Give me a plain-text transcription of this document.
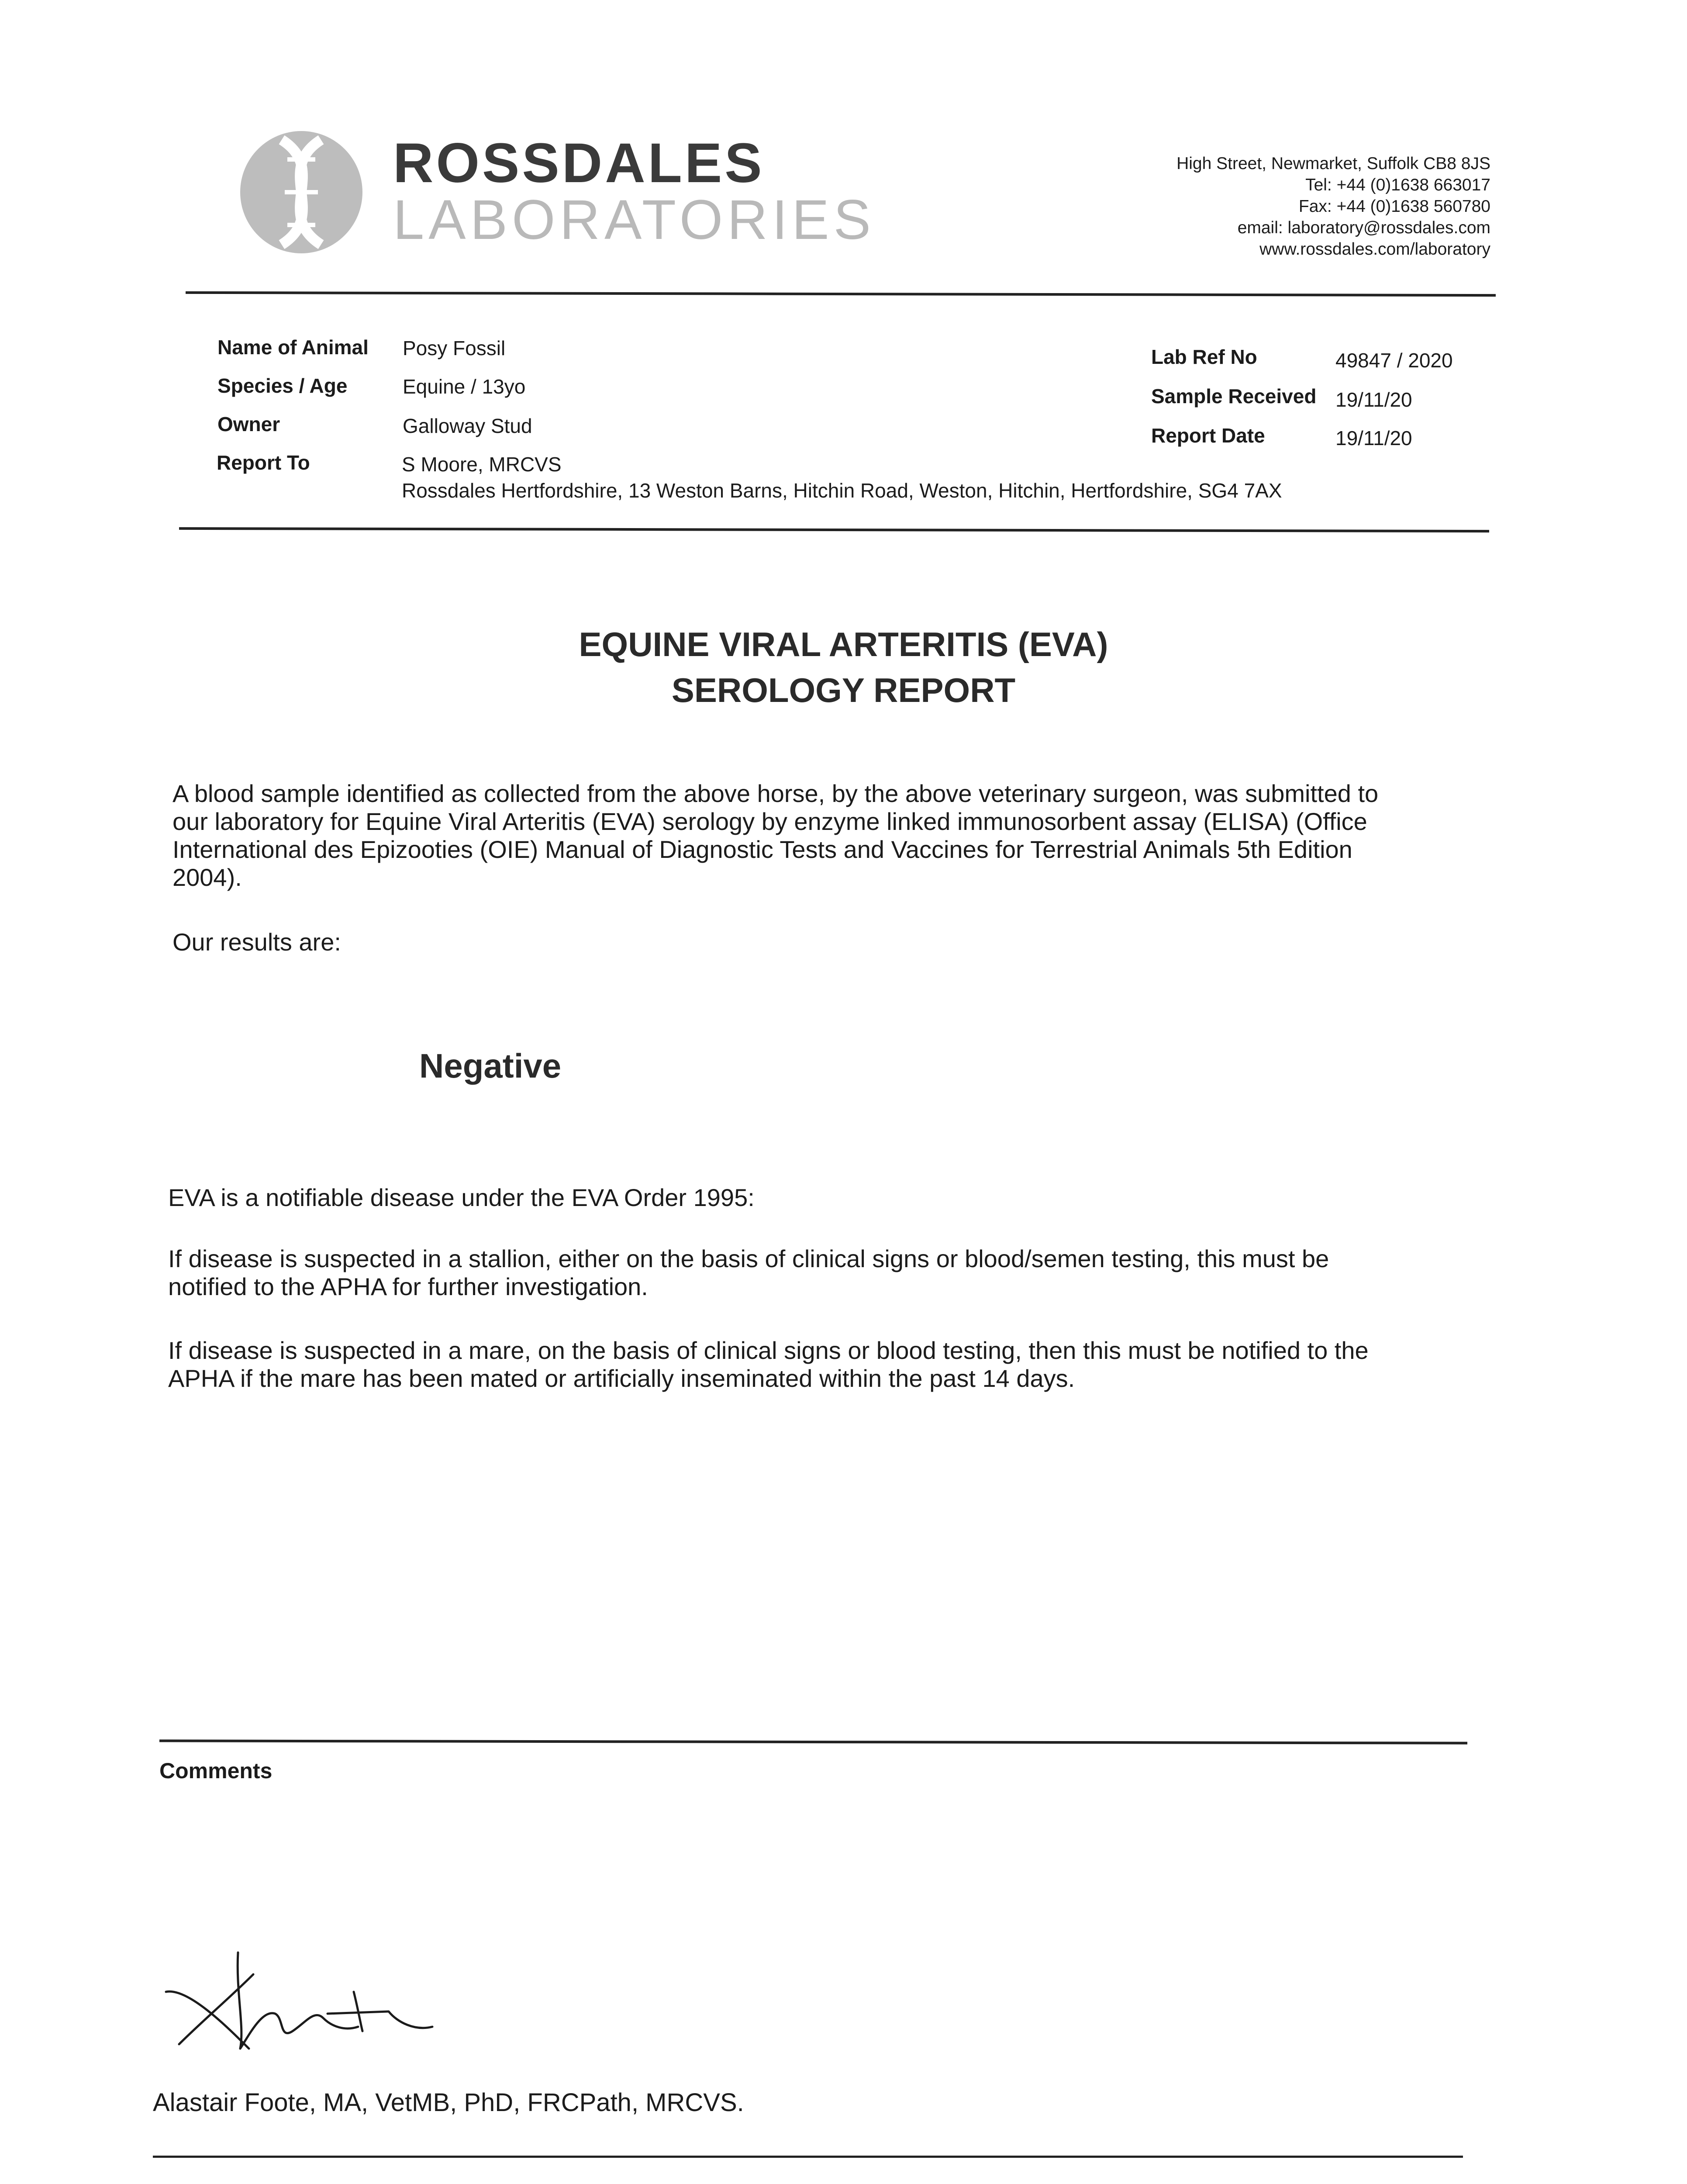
ROSSDALES
LABORATORIES
High Street, Newmarket, Suffolk CB8 8JS
Tel: +44 (0)1638 663017
Fax: +44 (0)1638 560780
email: laboratory@rossdales.com
www.rossdales.com/laboratory
Name of Animal Posy Fossil
Species / Age	Equine / 13yo
Owner	Galloway Stud
Report To	S Moore, MRCVS
Rossdales Hertfordshire, 13 Weston Barns, Hitchin Road, Weston, Hitchin, Hertfordshire, SG4 7AX
Lab Ref No	49847 / 2020
Sample Received 19/11/20
Report Date	19/11/20
EQUINE VIRAL ARTERITIS (EVA)
SEROLOGY REPORT
A blood sample identified as collected from the above horse, by the above veterinary surgeon, was submitted to
our laboratory for Equine Viral Arteritis (EVA) serology by enzyme linked immunosorbent assay (ELISA) (Office
International des Epizooties (OIE) Manual of Diagnostic Tests and Vaccines for Terrestrial Animals 5th Edition
2004).
Our results are:
Negative
EVA is a notifiable disease under the EVA Order 1995:
If disease is suspected in a stallion, either on the basis of clinical signs or blood/semen testing, this must be
notified to the APHA for further investigation.
If disease is suspected in a mare, on the basis of clinical signs or blood testing, then this must be notified to the
APHA if the mare has been mated or artificially inseminated within the past 14 days.
Comments
Alastair Foote, MA, VetMB, PhD, FRCPath, MRCVS.
